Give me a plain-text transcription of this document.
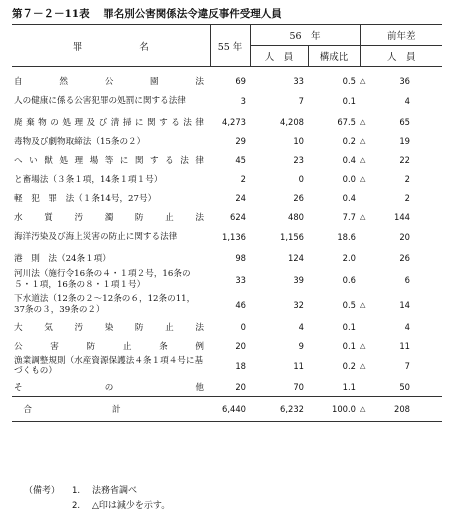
第７－２－11表 罪名別公害関係法令違反事件受理人員
罪　　　　　　名	55 年	56　年		前年差		
		人　員	構成比	人　員		
自　然　公　園　法	69	33	0.5	△	36	
人の健康に係る公害犯罪の処罰に関する法律	3	7	0.1		4	
廃棄物の処理及び清掃に関する法律	4,273	4,208	67.5	△	65	
毒物及び劇物取締法（15条の２）	29	10	0.2	△	19	
へい獣処理場等に関する法律	45	23	0.4	△	22	
と畜場法（３条１項，14条１項１号）	2	0	0.0	△	2	
軽　犯　罪　法（１条14号，27号）	24	26	0.4		2	
水　質　汚　濁　防　止　法	624	480	7.7	△	144	
海洋汚染及び海上災害の防止に関する法律	1,136	1,156	18.6		20	
港　則　法（24条１項）	98	124	2.0		26	
河川法（施行令16条の４・１項２号，16条の５・１項，16条の８・１項１号）	33	39	0.6		6	
下水道法（12条の２～12条の６，12条の11，37条の３，39条の２）	46	32	0.5	△	14	
大　気　汚　染　防　止　法	0	4	0.1		4	
公　害　防　止　条　例	20	9	0.1	△	11	
漁業調整規則（水産資源保護法４条１項４号に基づくもの）	18	11	0.2	△	7	
そ　　　　の　　　　他	20	70	1.1		50	
合計	6,440	6,232	100.0	△	208	
（備考） 1. 法務省調べ
2. △印は減少を示す。
